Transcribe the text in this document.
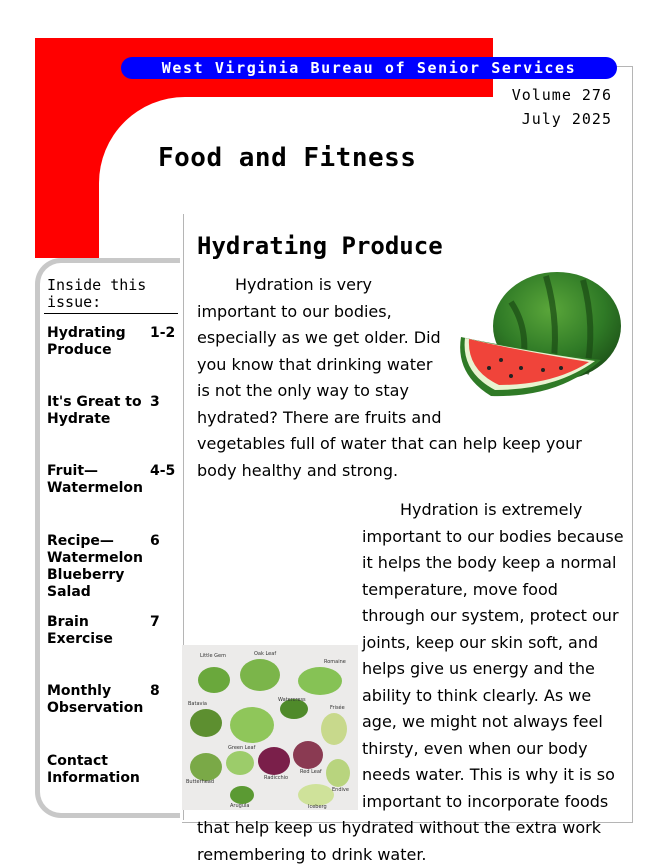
West Virginia Bureau of Senior Services
Volume 276
July 2025
Food and Fitness
Inside this
issue:
Hydrating Produce
1-2
It's Great to Hydrate
3
Fruit—Watermelon
4-5
Recipe—Watermelon Blueberry Salad
6
Brain Exercise
7
Monthly Observation
8
Contact Information
Hydrating Produce
Hydration is very important to our bodies, especially as we get older. Did you know that drinking water is not the only way to stay hydrated? There are fruits and vegetables full of water that can help keep your body healthy and strong.
Little Gem	Oak Leaf
Romaine
Batavia
Watercress
Frisée
Butterhead
Green Leaf
Red Leaf
Endive
Arugula
Radicchio
Iceberg
Hydration is extremely important to our bodies because it helps the body keep a normal temperature, move food through our system, protect our joints, keep our skin soft, and helps give us energy and the ability to think clearly. As we age, we might not always feel thirsty, even when our body needs water. This is why it is so important to incorporate foods that help keep us hydrated without the extra work remembering to drink water.
